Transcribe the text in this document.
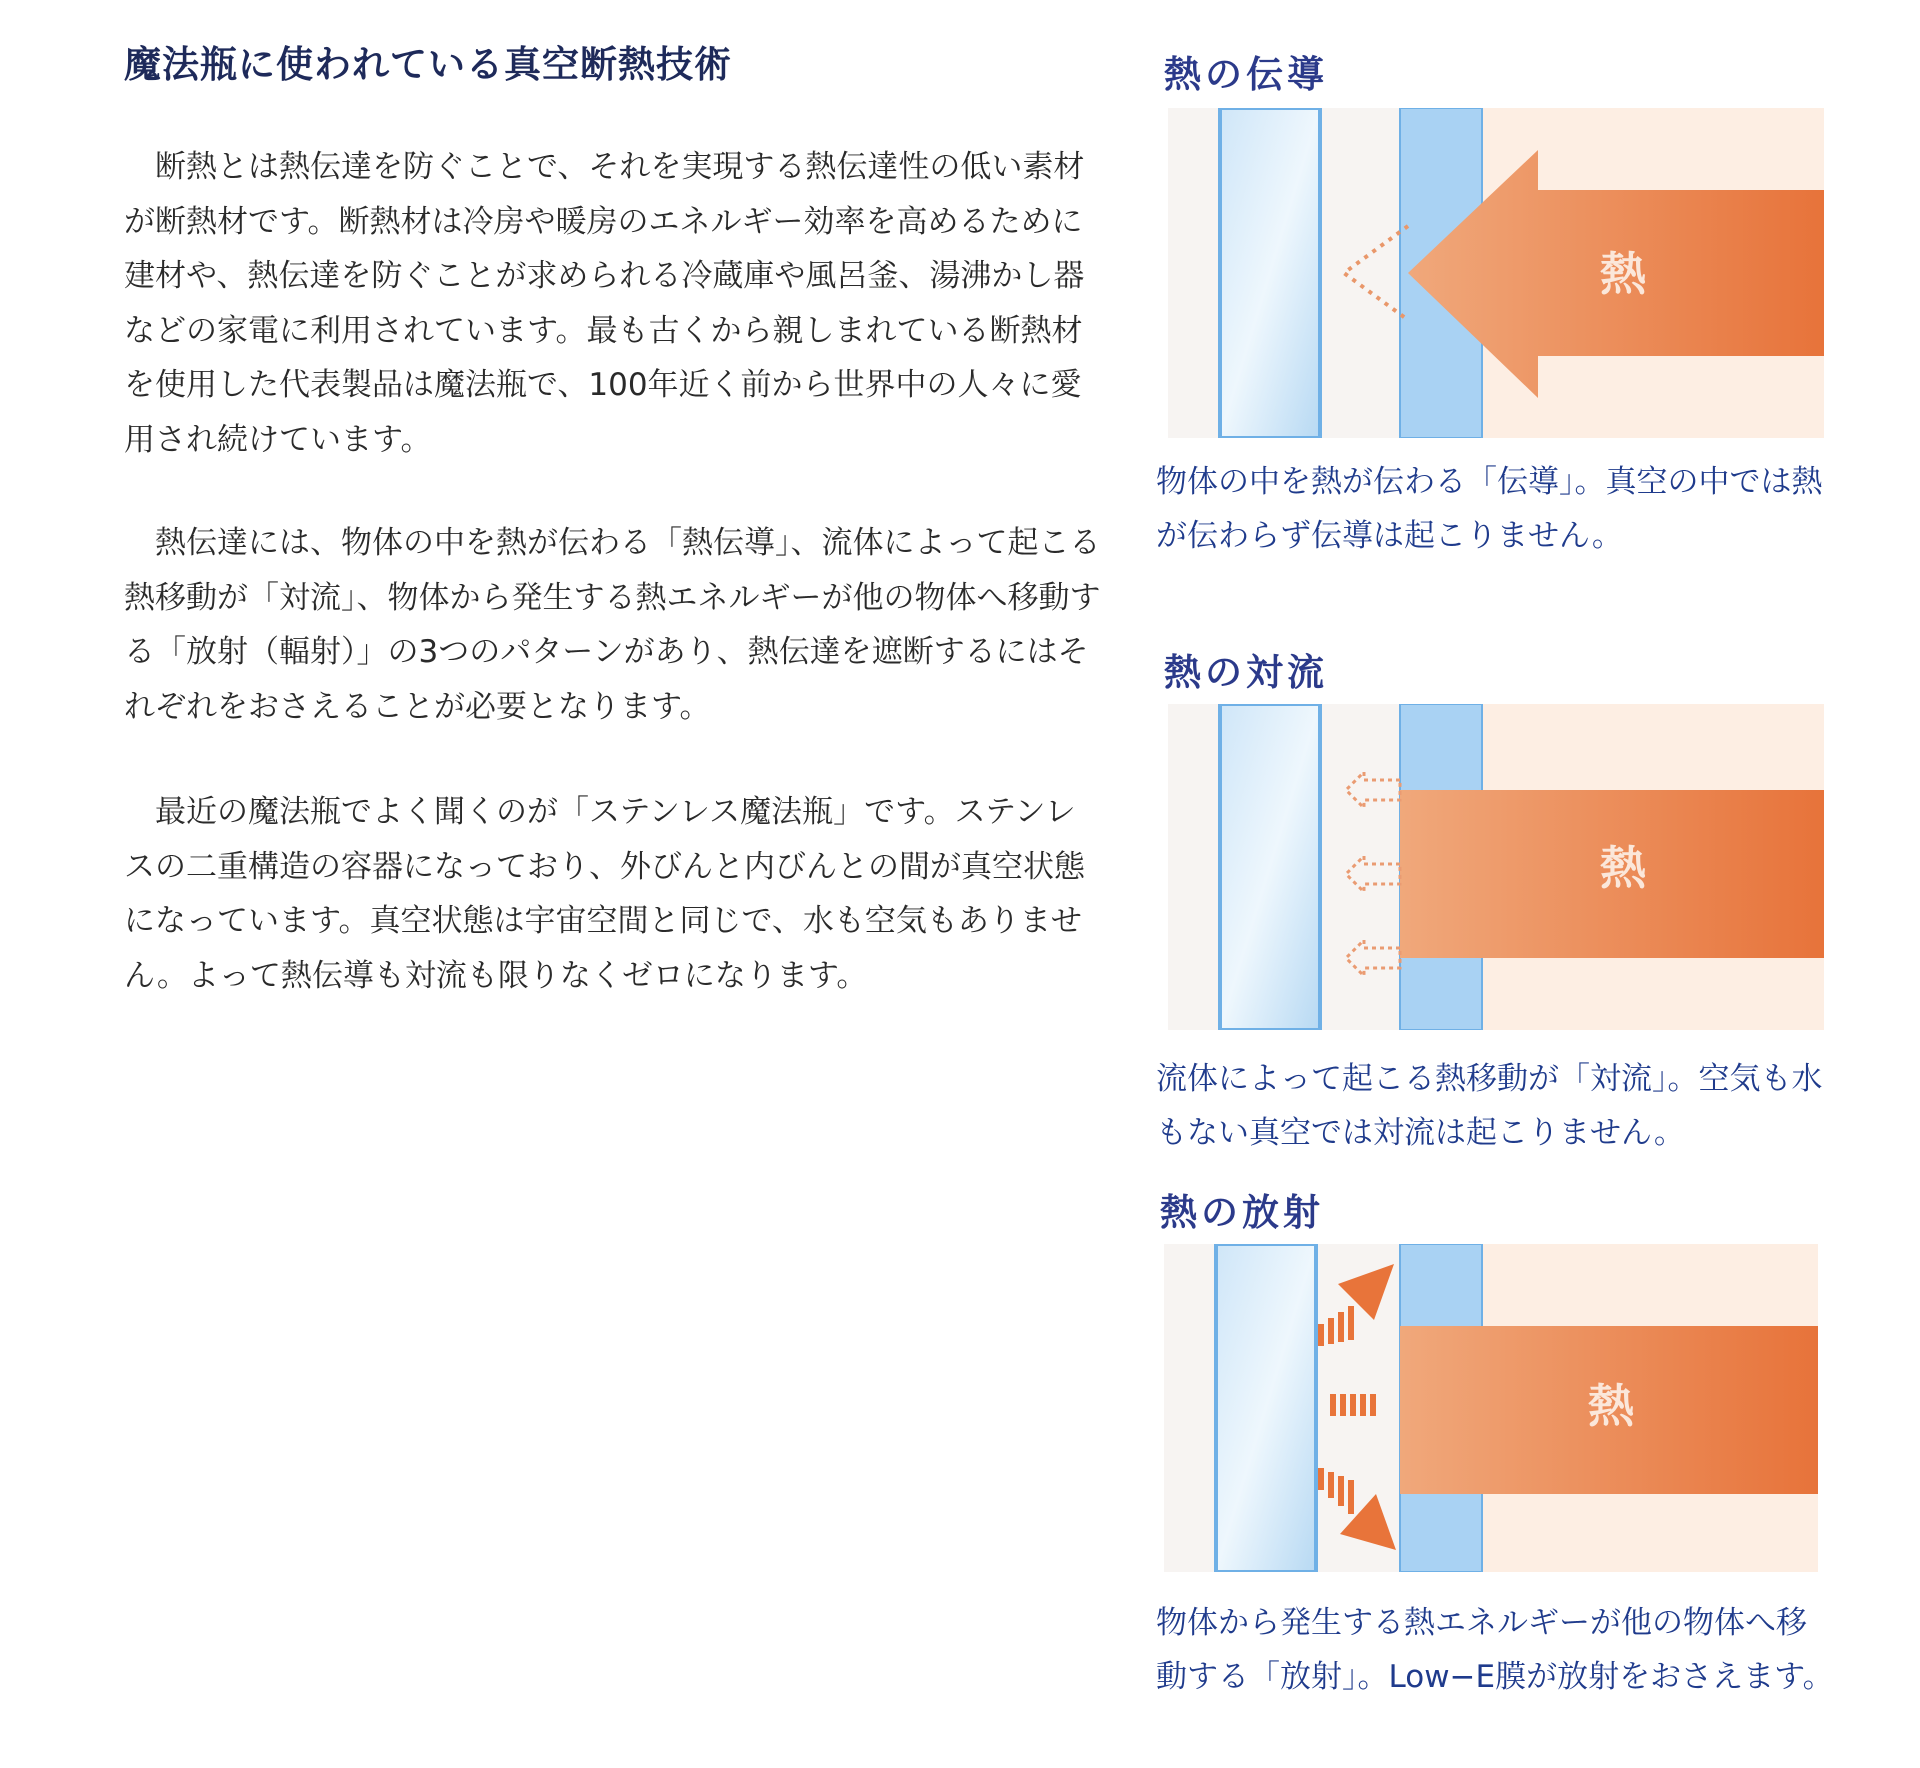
魔法瓶に使われている真空断熱技術

　断熱とは熱伝達を防ぐことで、それを実現する熱伝達性の低い素材が断熱材です。断熱材は冷房や暖房のエネルギー効率を高めるために建材や、熱伝達を防ぐことが求められる冷蔵庫や風呂釜、湯沸かし器などの家電に利用されています。最も古くから親しまれている断熱材を使用した代表製品は魔法瓶で、100年近く前から世界中の人々に愛用され続けています。

　熱伝達には、物体の中を熱が伝わる「熱伝導」、流体によって起こる熱移動が「対流」、物体から発生する熱エネルギーが他の物体へ移動する「放射（輻射）」の3つのパターンがあり、熱伝達を遮断するにはそれぞれをおさえることが必要となります。

　最近の魔法瓶でよく聞くのが「ステンレス魔法瓶」です。ステンレスの二重構造の容器になっており、外びんと内びんとの間が真空状態になっています。真空状態は宇宙空間と同じで、水も空気もありません。よって熱伝導も対流も限りなくゼロになります。

熱の伝導
熱
物体の中を熱が伝わる「伝導」。真空の中では熱が伝わらず伝導は起こりません。
熱の対流
熱
流体によって起こる熱移動が「対流」。空気も水もない真空では対流は起こりません。
熱の放射
熱
物体から発生する熱エネルギーが他の物体へ移動する「放射」。Low−E膜が放射をおさえます。
